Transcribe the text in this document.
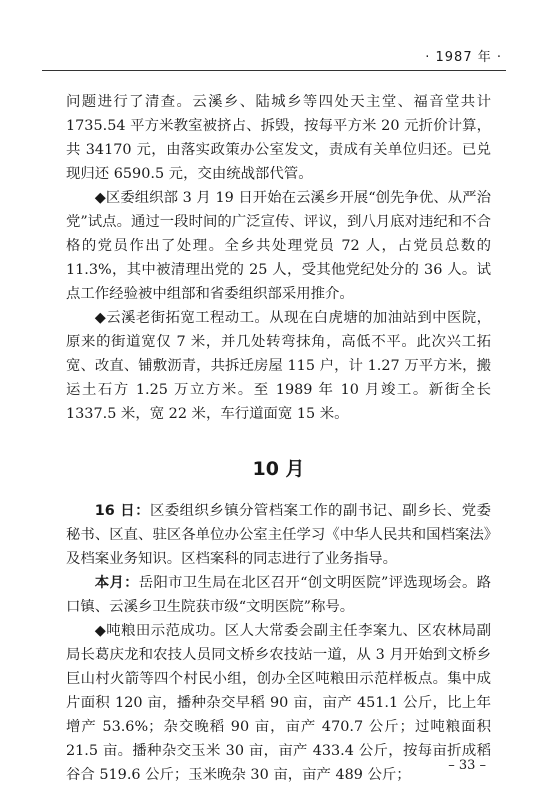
· 1987 年 ·

问题进行了清查。云溪乡、陆城乡等四处天主堂、福音堂共计 1735.54 平方米教室被挤占、拆毁，按每平方米 20 元折价计算，共 34170 元，由落实政策办公室发文，责成有关单位归还。已兑现归还 6590.5 元，交由统战部代管。

◆区委组织部 3 月 19 日开始在云溪乡开展“创先争优、从严治党”试点。通过一段时间的广泛宣传、评议，到八月底对违纪和不合格的党员作出了处理。全乡共处理党员 72 人，占党员总数的 11.3%，其中被清理出党的 25 人，受其他党纪处分的 36 人。试点工作经验被中组部和省委组织部采用推介。

◆云溪老街拓宽工程动工。从现在白虎塘的加油站到中医院，原来的街道宽仅 7 米，并几处转弯抹角，高低不平。此次兴工拓宽、改直、铺敷沥青，共拆迁房屋 115 户，计 1.27 万平方米，搬运土石方 1.25 万立方米。至 1989 年 10 月竣工。新街全长 1337.5 米，宽 22 米，车行道面宽 15 米。

10 月

16 日：区委组织乡镇分管档案工作的副书记、副乡长、党委秘书、区直、驻区各单位办公室主任学习《中华人民共和国档案法》及档案业务知识。区档案科的同志进行了业务指导。

本月：岳阳市卫生局在北区召开“创文明医院”评选现场会。路口镇、云溪乡卫生院获市级“文明医院”称号。

◆吨粮田示范成功。区人大常委会副主任李案九、区农林局副局长葛庆龙和农技人员同文桥乡农技站一道，从 3 月开始到文桥乡巨山村火箭等四个村民小组，创办全区吨粮田示范样板点。集中成片面积 120 亩，播种杂交早稻 90 亩，亩产 451.1 公斤，比上年增产 53.6%；杂交晚稻 90 亩，亩产 470.7 公斤；过吨粮面积 21.5 亩。播种杂交玉米 30 亩，亩产 433.4 公斤，按每亩折成稻谷合 519.6 公斤；玉米晚杂 30 亩，亩产 489 公斤；

– 33 –
